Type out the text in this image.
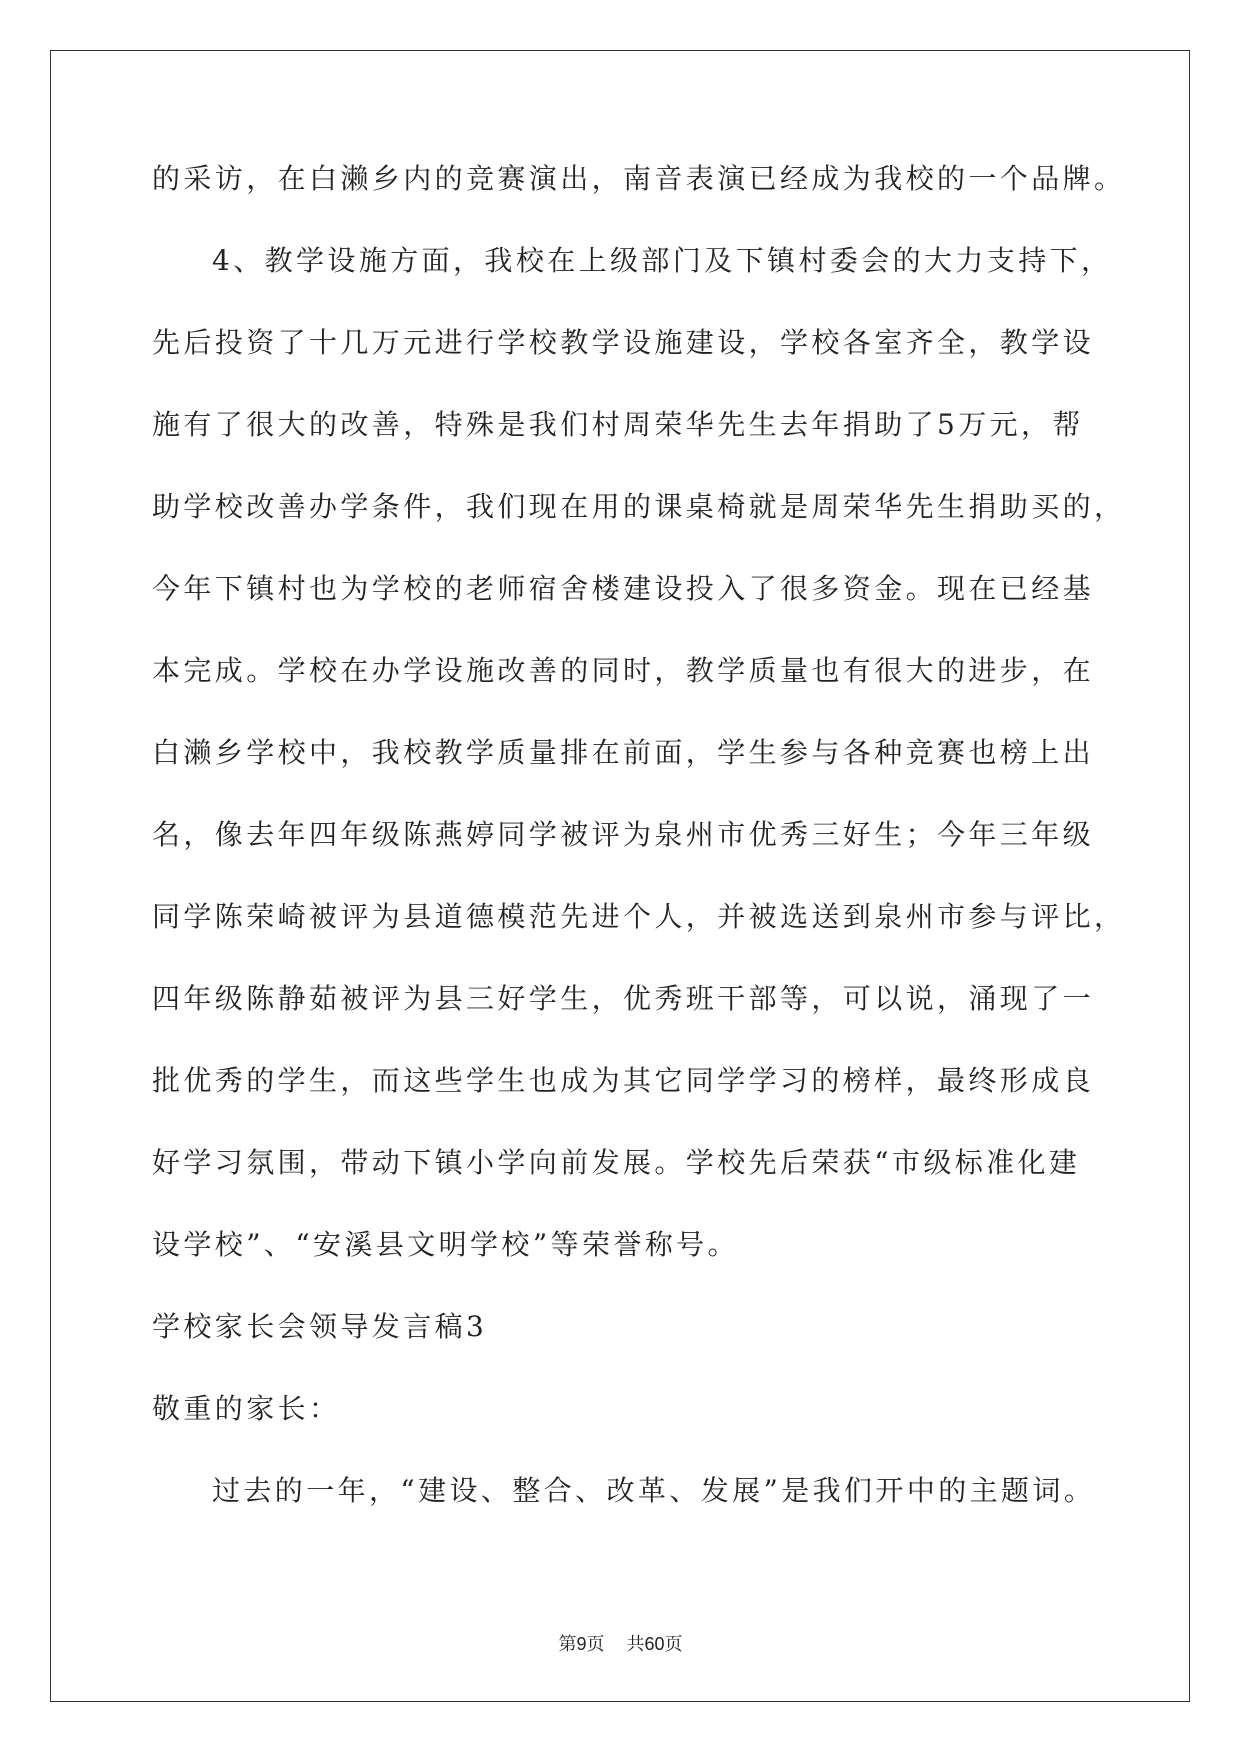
的采访，在白濑乡内的竞赛演出，南音表演已经成为我校的一个品牌。
4、教学设施方面，我校在上级部门及下镇村委会的大力支持下，
先后投资了十几万元进行学校教学设施建设，学校各室齐全，教学设
施有了很大的改善，特殊是我们村周荣华先生去年捐助了5万元，帮
助学校改善办学条件，我们现在用的课桌椅就是周荣华先生捐助买的，
今年下镇村也为学校的老师宿舍楼建设投入了很多资金。现在已经基
本完成。学校在办学设施改善的同时，教学质量也有很大的进步，在
白濑乡学校中，我校教学质量排在前面，学生参与各种竞赛也榜上出
名，像去年四年级陈燕婷同学被评为泉州市优秀三好生；今年三年级
同学陈荣崎被评为县道德模范先进个人，并被选送到泉州市参与评比，
四年级陈静茹被评为县三好学生，优秀班干部等，可以说，涌现了一
批优秀的学生，而这些学生也成为其它同学学习的榜样，最终形成良
好学习氛围，带动下镇小学向前发展。学校先后荣获“市级标准化建
设学校”、“安溪县文明学校”等荣誉称号。
学校家长会领导发言稿3
敬重的家长：
过去的一年，“建设、整合、改革、发展”是我们开中的主题词。
第9页 共60页
